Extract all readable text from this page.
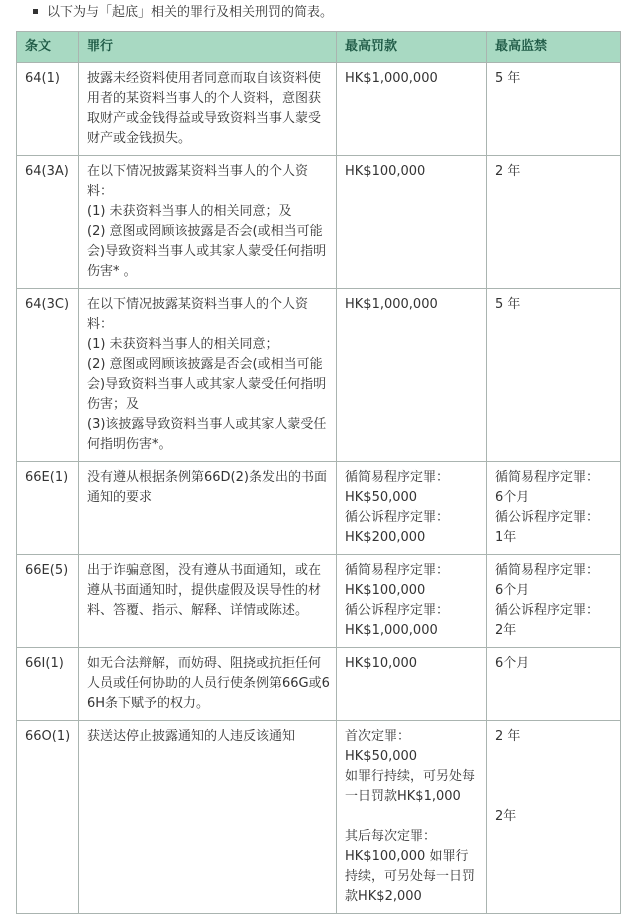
以下为与「起底」相关的罪行及相关刑罚的简表。
条文	罪行	最高罚款	最高监禁
64(1)	披露未经资料使用者同意而取自该资料使用者的某资料当事人的个人资料，意图获取财产或金钱得益或导致资料当事人蒙受财产或金钱损失。	HK$1,000,000	5 年

64(3A)	在以下情况披露某资料当事人的个人资料：
(1) 未获资料当事人的相关同意；及
(2) 意图或罔顾该披露是否会(或相当可能会)导致资料当事人或其家人蒙受任何指明伤害* 。	HK$100,000	2 年

64(3C)	在以下情况披露某资料当事人的个人资料：
(1) 未获资料当事人的相关同意；
(2) 意图或罔顾该披露是否会(或相当可能会)导致资料当事人或其家人蒙受任何指明伤害；及
(3)该披露导致资料当事人或其家人蒙受任何指明伤害*。	HK$1,000,000	5 年

66E(1)	没有遵从根据条例第66D(2)条发出的书面通知的要求	循简易程序定罪：
HK$50,000
循公诉程序定罪：
HK$200,000	循简易程序定罪：
6个月
循公诉程序定罪：
1年

66E(5)	出于诈骗意图，没有遵从书面通知，或在遵从书面通知时，提供虚假及误导性的材料、答覆、指示、解释、详情或陈述。	循简易程序定罪：
HK$100,000
循公诉程序定罪：
HK$1,000,000	循简易程序定罪：
6个月
循公诉程序定罪：
2年

66I(1)	如无合法辩解，而妨碍、阻挠或抗拒任何人员或任何协助的人员行使条例第66G或66H条下赋予的权力。	HK$10,000	6个月

66O(1)	获送达停止披露通知的人违反该通知	首次定罪：
HK$50,000
如罪行持续，可另处每一日罚款HK$1,000
其后每次定罪：
HK$100,000 如罪行持续，可另处每一日罚款HK$2,000	2 年
2年
